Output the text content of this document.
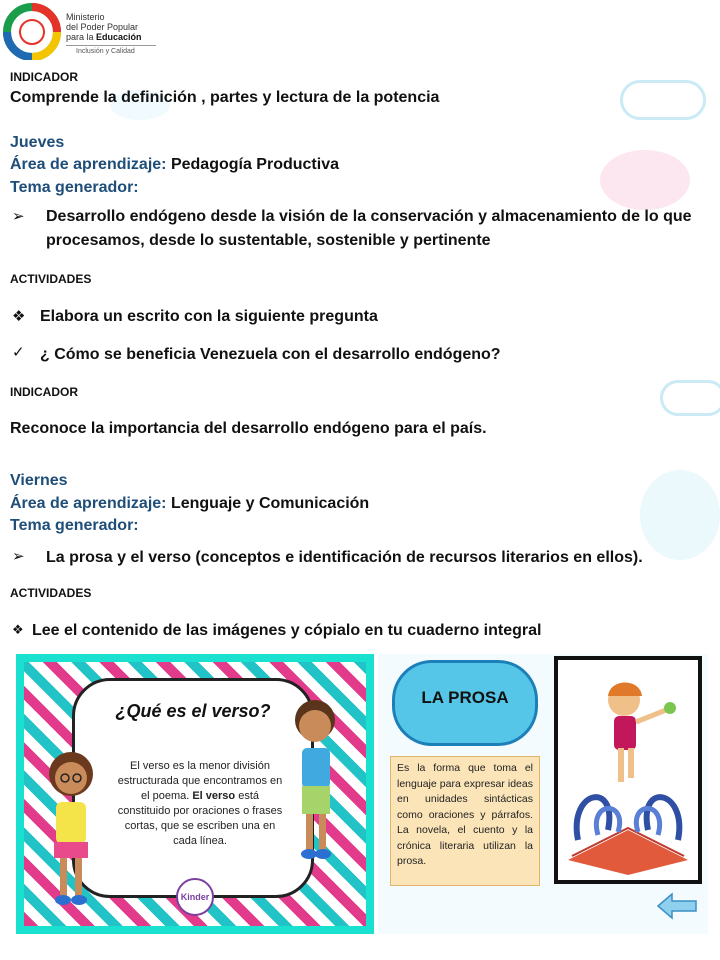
Ministerio
del Poder Popular
para la Educación
Inclusión y Calidad
INDICADOR
Comprende la definición , partes y lectura de la potencia
Jueves
Área de aprendizaje: Pedagogía Productiva
Tema generador:
➢ Desarrollo endógeno desde la visión de la conservación y almacenamiento de lo que
procesamos, desde lo sustentable, sostenible y pertinente
ACTIVIDADES
❖ Elabora un escrito con la siguiente pregunta
✓ ¿ Cómo se beneficia Venezuela con el desarrollo endógeno?
INDICADOR
Reconoce la importancia del desarrollo endógeno para el país.
Viernes
Área de aprendizaje: Lenguaje y Comunicación
Tema generador:
➢ La prosa y el verso (conceptos e identificación de recursos literarios en ellos).
ACTIVIDADES
❖ Lee el contenido de las imágenes y cópialo en tu cuaderno integral
¿Qué es el verso?
El verso es la menor división estructurada que encontramos en el poema. El verso está constituido por oraciones o frases cortas, que se escriben una en cada línea.
Kinder
LA PROSA
Es la forma que toma el lenguaje para expresar ideas en unidades sintácticas como oraciones y párrafos. La novela, el cuento y la crónica literaria utilizan la prosa.
